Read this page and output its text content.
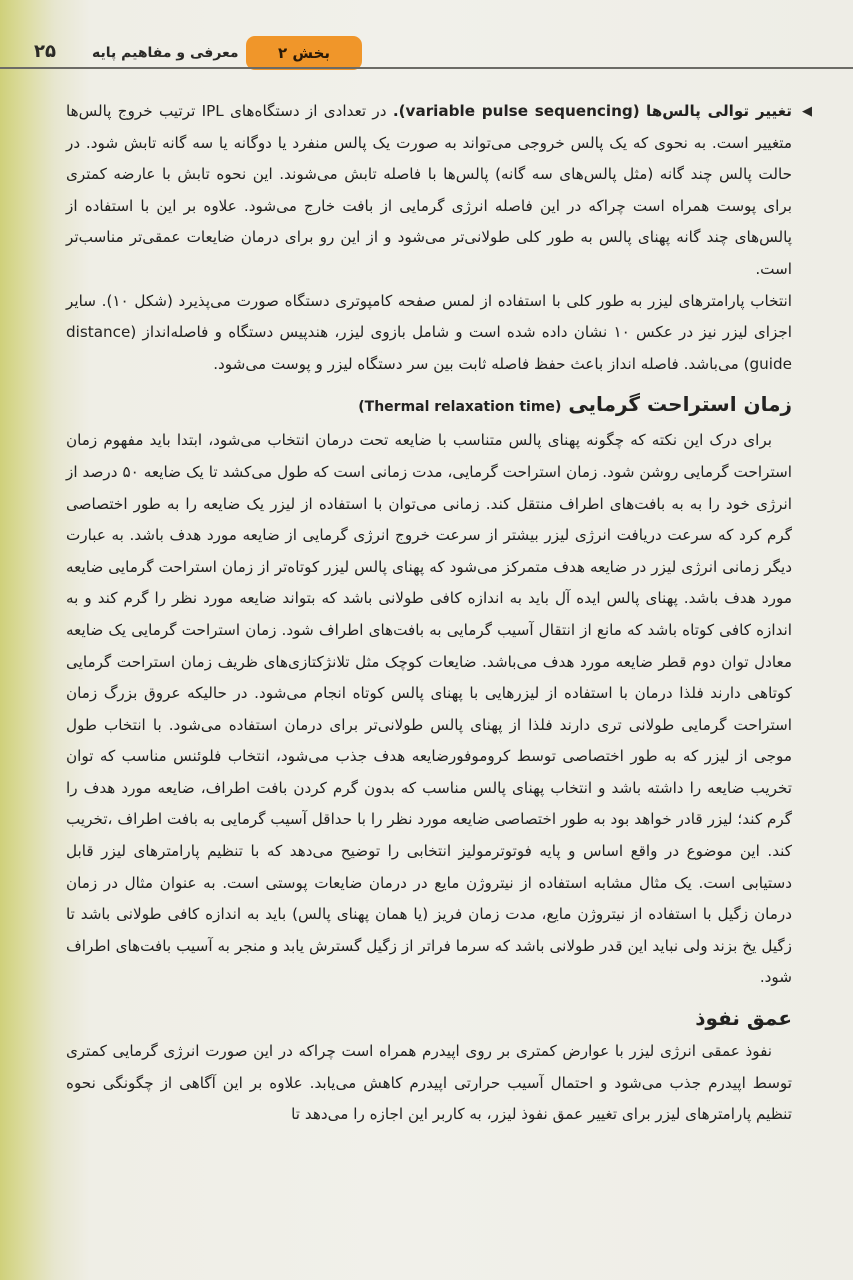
۲۵	معرفی و مفاهیم پایه	بخش ۲

◀
تغییر توالی پالس‌ها (variable pulse sequencing). در تعدادی از دستگاه‌های IPL ترتیب خروج پالس‌ها متغییر است. به نحوی که یک پالس خروجی می‌تواند به صورت یک پالس منفرد یا دوگانه یا سه گانه تابش شود. در حالت پالس چند گانه (مثل پالس‌های سه گانه) پالس‌ها با فاصله تابش می‌شوند. این نحوه تابش با عارضه کمتری برای پوست همراه است چراکه در این فاصله انرژی گرمایی از بافت خارج می‌شود. علاوه بر این با استفاده از پالس‌های چند گانه پهنای پالس به طور کلی طولانی‌تر می‌شود و از این رو برای درمان ضایعات عمقی‌تر مناسب‌تر است.

انتخاب پارامترهای لیزر به طور کلی با استفاده از لمس صفحه کامپوتری دستگاه صورت می‌پذیرد (شکل ۱۰). سایر اجزای لیزر نیز در عکس ۱۰ نشان داده شده است و شامل بازوی لیزر، هندپیس دستگاه و فاصله‌انداز (distance guide) می‌باشد. فاصله انداز باعث حفظ فاصله ثابت بین سر دستگاه لیزر و پوست می‌شود.

زمان استراحت گرمایی (Thermal relaxation time)

برای درک این نکته که چگونه پهنای پالس متناسب با ضایعه تحت درمان انتخاب می‌شود، ابتدا باید مفهوم زمان استراحت گرمایی روشن شود. زمان استراحت گرمایی، مدت زمانی است که طول می‌کشد تا یک ضایعه ۵۰ درصد از انرژی خود را به به بافت‌های اطراف منتقل کند. زمانی می‌توان با استفاده از لیزر یک ضایعه را به طور اختصاصی گرم کرد که سرعت دریافت انرژی لیزر بیشتر از سرعت خروج انرژی گرمایی از ضایعه مورد هدف باشد. به عبارت دیگر زمانی انرژی لیزر در ضایعه هدف متمرکز می‌شود که پهنای پالس لیزر کوتاه‌تر از زمان استراحت گرمایی ضایعه مورد هدف باشد. پهنای پالس ایده آل باید به اندازه کافی طولانی باشد که بتواند ضایعه مورد نظر را گرم کند و به اندازه کافی کوتاه باشد که مانع از انتقال آسیب گرمایی به بافت‌های اطراف شود. زمان استراحت گرمایی یک ضایعه معادل توان دوم قطر ضایعه مورد هدف می‌باشد. ضایعات کوچک مثل تلانژکتازی‌های ظریف زمان استراحت گرمایی کوتاهی دارند فلذا درمان با استفاده از لیزرهایی با پهنای پالس کوتاه انجام می‌شود. در حالیکه عروق بزرگ زمان استراحت گرمایی طولانی تری دارند فلذا از پهنای پالس طولانی‌تر برای درمان استفاده می‌شود. با انتخاب طول موجی از لیزر که به طور اختصاصی توسط کروموفورضایعه هدف جذب می‌شود، انتخاب فلوئنس مناسب که توان تخریب ضایعه را داشته باشد و انتخاب پهنای پالس مناسب که بدون گرم کردن بافت اطراف، ضایعه مورد هدف را گرم کند؛ لیزر قادر خواهد بود به طور اختصاصی ضایعه مورد نظر را با حداقل آسیب گرمایی به بافت اطراف ،تخریب کند. این موضوع در واقع اساس و پایه فوتوترمولیز انتخابی را توضیح می‌دهد که با تنظیم پارامترهای لیزر قابل دستیابی است. یک مثال مشابه استفاده از نیتروژن مایع در درمان ضایعات پوستی است. به عنوان مثال در زمان درمان زگیل با استفاده از نیتروژن مایع، مدت زمان فریز (یا همان پهنای پالس) باید به اندازه کافی طولانی باشد تا زگیل یخ بزند ولی نباید این قدر طولانی باشد که سرما فراتر از زگیل گسترش یابد و منجر به آسیب بافت‌های اطراف شود.

عمق نفوذ

نفوذ عمقی انرژی لیزر با عوارض کمتری بر روی اپیدرم همراه است چراکه در این صورت انرژی گرمایی کمتری توسط اپیدرم جذب می‌شود و احتمال آسیب حرارتی اپیدرم کاهش می‌یابد. علاوه بر این آگاهی از چگونگی نحوه تنظیم پارامترهای لیزر برای تغییر عمق نفوذ لیزر، به کاربر این اجازه را می‌دهد تا
